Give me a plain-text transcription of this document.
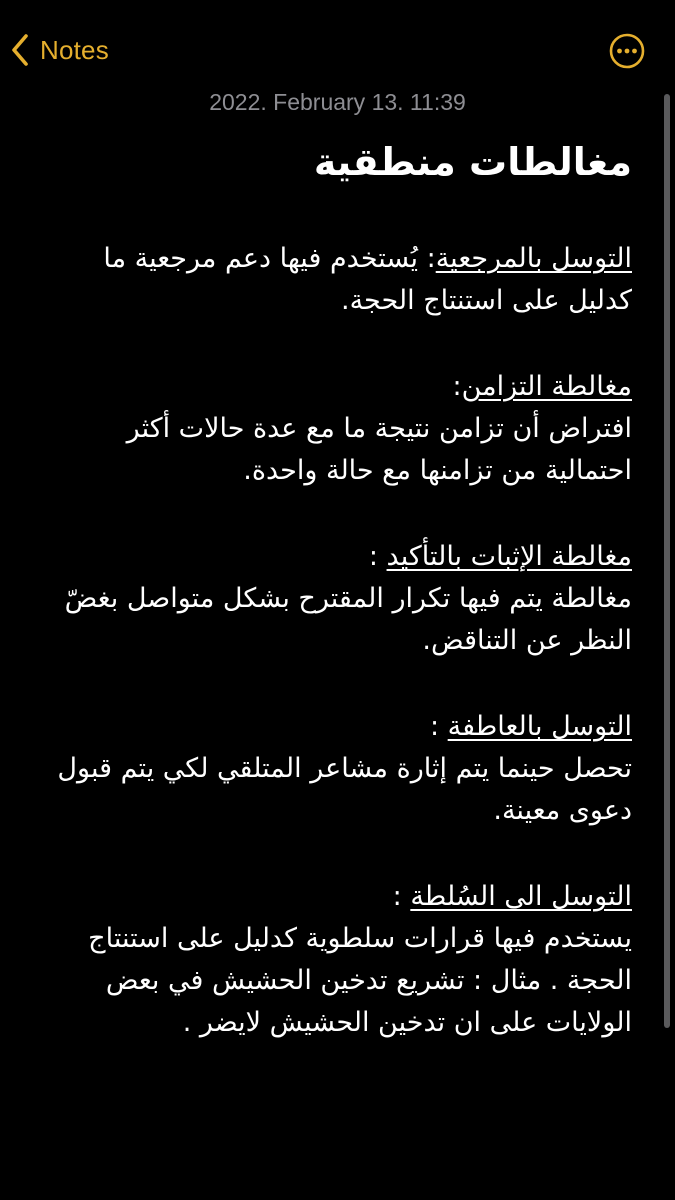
Notes
2022. February 13. 11:39
مغالطات منطقية
التوسل بالمرجعية: يُستخدم فيها دعم مرجعية ما كدليل على استنتاج الحجة.
مغالطة التزامن:
افتراض أن تزامن نتيجة ما مع عدة حالات أكثر احتمالية من تزامنها مع حالة واحدة.
مغالطة الإثبات بالتأكيد :
مغالطة يتم فيها تكرار المقترح بشكل متواصل بغضّ النظر عن التناقض.
التوسل بالعاطفة :
تحصل حينما يتم إثارة مشاعر المتلقي لكي يتم قبول دعوى معينة.
التوسل الى السُلطة :
يستخدم فيها قرارات سلطوية كدليل على استنتاج الحجة . مثال : تشريع تدخين الحشيش في بعض الولايات على ان تدخين الحشيش لايضر .
